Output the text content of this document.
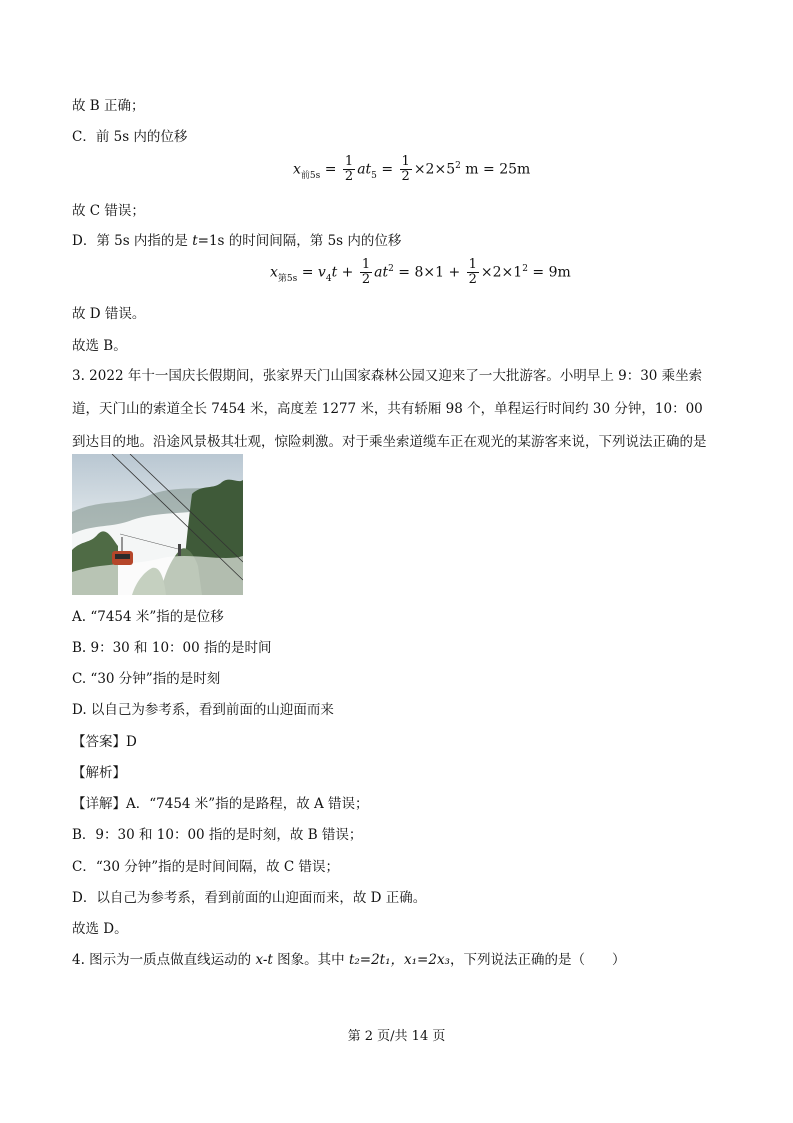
故 B 正确；
C．前 5s 内的位移
$x_{前5s} = \frac{1}{2} at_5 = \frac{1}{2} \times 2\times 5^2$ m = 25m
故 C 错误；
D．第 5s 内指的是 t=1s 的时间间隔，第 5s 内的位移
$x_{第5s} = v_4t + \frac{1}{2} at^2 = 8\times 1 + \frac{1}{2} \times 2\times 1^2 = 9m$
故 D 错误。
故选 B。
3. 2022 年十一国庆长假期间，张家界天门山国家森林公园又迎来了一大批游客。小明早上 9：30 乘坐索道，天门山的索道全长 7454 米，高度差 1277 米，共有轿厢 98 个，单程运行时间约 30 分钟，10：00 到达目的地。沿途风景极其壮观，惊险刺激。对于乘坐索道缆车正在观光的某游客来说，下列说法正确的是　　
A. “7454 米”指的是位移
B. 9：30 和 10：00 指的是时间
C. “30 分钟”指的是时刻
D. 以自己为参考系，看到前面的山迎面而来
【答案】D
【解析】
【详解】A．“7454 米”指的是路程，故 A 错误；
B．9：30 和 10：00 指的是时刻，故 B 错误；
C．“30 分钟”指的是时间间隔，故 C 错误；
D．以自己为参考系，看到前面的山迎面而来，故 D 正确。
故选 D。
4. 图示为一质点做直线运动的 x-t 图象。其中 t₂=2t₁，x₁=2x₃，下列说法正确的是（　　）
第 2 页/共 14 页
